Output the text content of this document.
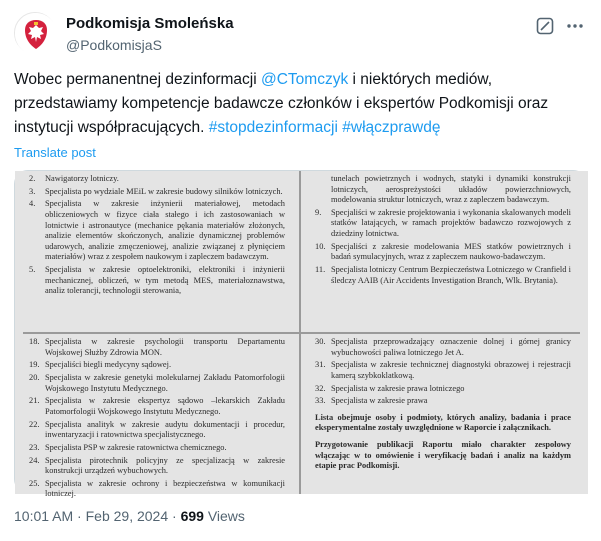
Podkomisja Smoleńska
@PodkomisjaS
Wobec permanentnej dezinformacji @CTomczyk i niektórych mediów, przedstawiamy kompetencje badawcze członków i ekspertów Podkomisji oraz instytucji współpracujących. #stopdezinformacji #włączprawdę
Translate post
2.	Nawigatorzy lotniczy.
3.	Specjalista po wydziale MEiL w zakresie budowy silników lotniczych.
4.	Specjalista w zakresie inżynierii materiałowej, metodach obliczeniowych w fizyce ciała stałego i ich zastosowaniach w lotnictwie i astronautyce (mechanice pękania materiałów złożonych, analizie elementów skończonych, analizie dynamicznej problemów udarowych, analizie zmęczeniowej, analizie związanej z płynięciem materiałów) wraz z zespołem naukowym i zapleczem badawczym.
5.	Specjalista w zakresie optoelektroniki, elektroniki i inżynierii mechanicznej, obliczeń, w tym metodą MES, materiałoznawstwa, analiz tolerancji, technologii sterowania,
tunelach powietrznych i wodnych, statyki i dynamiki konstrukcji lotniczych, aerospreżystości układów powierzchniowych, modelowania struktur lotniczych, wraz z zapleczem badawczym.
9.	Specjaliści w zakresie projektowania i wykonania skalowanych modeli statków latających, w ramach projektów badawczo rozwojowych z dziedziny lotnictwa.
10. Specjaliści z zakresie modelowania MES statków powietrznych i badań symulacyjnych, wraz z zapleczem naukowo-badawczym.
11. Specjalista lotniczy Centrum Bezpieczeństwa Lotniczego w Cranfield i śledczy AAIB (Air Accidents Investigation Branch, Wlk. Brytania).
18. Specjalista w zakresie psychologii transportu Departamentu Wojskowej Służby Zdrowia MON.
19. Specjaliści biegli medycyny sądowej.
20. Specjalista w zakresie genetyki molekularnej Zakładu Patomorfologii Wojskowego Instytutu Medycznego.
21. Specjalista w zakresie ekspertyz sądowo –lekarskich Zakładu Patomorfologii Wojskowego Instytutu Medycznego.
22. Specjalista analityk w zakresie audytu dokumentacji i procedur, inwentaryzacji i ratownictwa specjalistycznego.
23. Specjalista PSP w zakresie ratownictwa chemicznego.
24. Specjalista pirotechnik policyjny ze specjalizacją w zakresie konstrukcji urządzeń wybuchowych.
25. Specjalista w zakresie ochrony i bezpieczeństwa w komunikacji lotniczej.
30. Specjalista przeprowadzający oznaczenie dolnej i górnej granicy wybuchowości paliwa lotniczego Jet A.
31. Specjalista w zakresie technicznej diagnostyki obrazowej i rejestracji kamerą szybkoklatkową.
32. Specjalista w zakresie prawa lotniczego
33. Specjalista w zakresie prawa
Lista obejmuje osoby i podmioty, których analizy, badania i prace eksperymentalne zostały uwzględnione w Raporcie i załącznikach.
Przygotowanie publikacji Raportu miało charakter zespołowy włączając w to omówienie i weryfikację badań i analiz na każdym etapie prac Podkomisji.
10:01 AM · Feb 29, 2024 · 699 Views
